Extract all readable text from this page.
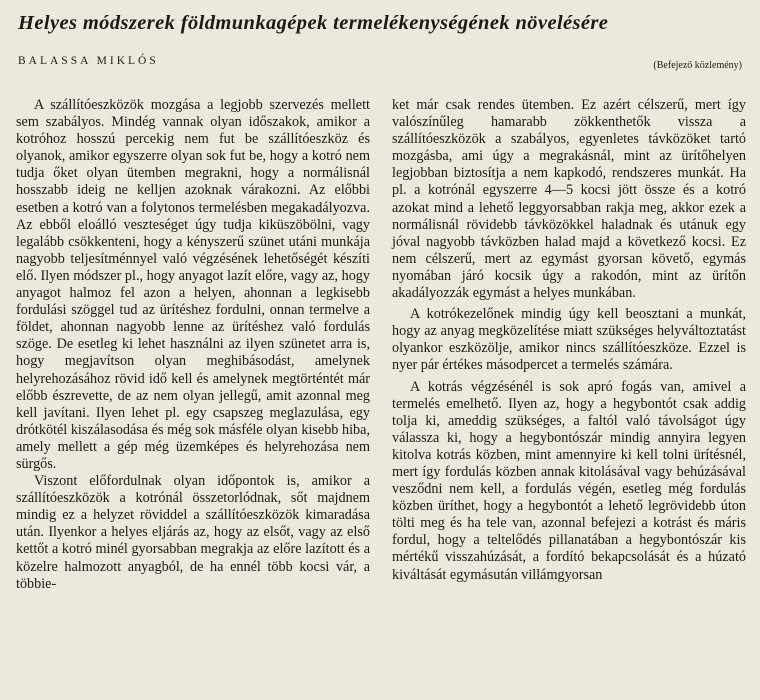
Helyes módszerek földmunkagépek termelékenységének növelésére
BALASSA MIKLÓS	(Befejező közlemény)

A szállítóeszközök mozgása a legjobb szervezés mellett sem szabályos. Mindég vannak olyan időszakok, amikor a kotróhoz hosszú percekig nem fut be szállítóeszköz és olyanok, amikor egyszerre olyan sok fut be, hogy a kotró nem tudja őket olyan ütemben megrakni, hogy a normálisnál hosszabb ideig ne kelljen azoknak várakozni. Az előbbi esetben a kotró van a folytonos termelésben megakadályozva. Az ebből eloálló veszteséget úgy tudja kiküszöbölni, vagy legalább csökkenteni, hogy a kényszerű szünet utáni munkája nagyobb teljesítménnyel való végzésének lehetőségét készíti elő. Ilyen módszer pl., hogy anyagot lazít előre, vagy az, hogy anyagot halmoz fel azon a helyen, ahonnan a legkisebb fordulási szöggel tud az ürítéshez fordulni, onnan termelve a földet, ahonnan nagyobb lenne az ürítéshez való fordulás szöge. De esetleg ki lehet használni az ilyen szünetet arra is, hogy megjavítson olyan meghibásodást, amelynek helyrehozásához rövid idő kell és amelynek megtörténtét már előbb észrevette, de az nem olyan jellegű, amit azonnal meg kell javítani. Ilyen lehet pl. egy csapszeg meglazulása, egy drótkötél kiszálasodása és még sok másféle olyan kisebb hiba, amely mellett a gép még üzemképes és helyrehozása nem sürgős.

Viszont előfordulnak olyan időpontok is, amikor a szállítóeszközök a kotrónál összetorlódnak, sőt majdnem mindig ez a helyzet röviddel a szállítóeszközök kimaradása után. Ilyenkor a helyes eljárás az, hogy az elsőt, vagy az első kettőt a kotró minél gyorsabban megrakja az előre lazított és a közelre halmozott anyagból, de ha ennél több kocsi vár, a többie-

ket már csak rendes ütemben. Ez azért célszerű, mert így valószínűleg hamarabb zökkenthetők vissza a szállítóeszközök a szabályos, egyenletes távközöket tartó mozgásba, ami úgy a megrakásnál, mint az ürítőhelyen legjobban biztosítja a nem kapkodó, rendszeres munkát. Ha pl. a kotrónál egyszerre 4—5 kocsi jött össze és a kotró azokat mind a lehető leggyorsabban rakja meg, akkor ezek a normálisnál rövidebb távközökkel haladnak és utánuk egy jóval nagyobb távközben halad majd a következő kocsi. Ez nem célszerű, mert az egymást gyorsan követő, egymás nyomában járó kocsik úgy a rakodón, mint az ürítőn akadályozzák egymást a helyes munkában.

A kotrókezelőnek mindig úgy kell beosztani a munkát, hogy az anyag megközelítése miatt szükséges helyváltoztatást olyankor eszközölje, amikor nincs szállítóeszköze. Ezzel is nyer pár értékes másodpercet a termelés számára.

A kotrás végzésénél is sok apró fogás van, amivel a termelés emelhető. Ilyen az, hogy a hegybontót csak addig tolja ki, ameddig szükséges, a faltól való távolságot úgy válassza ki, hogy a hegybontószár mindig annyira legyen kitolva kotrás közben, mint amennyire ki kell tolni ürítésnél, mert így fordulás közben annak kitolásával vagy behúzásával vesződni nem kell, a fordulás végén, esetleg még fordulás közben üríthet, hogy a hegybontót a lehető legrövidebb úton tölti meg és ha tele van, azonnal befejezi a kotrást és máris fordul, hogy a teltelődés pillanatában a hegybontószár kis mértékű visszahúzását, a fordító bekapcsolását és a húzató kiváltását egymásután villámgyorsan
